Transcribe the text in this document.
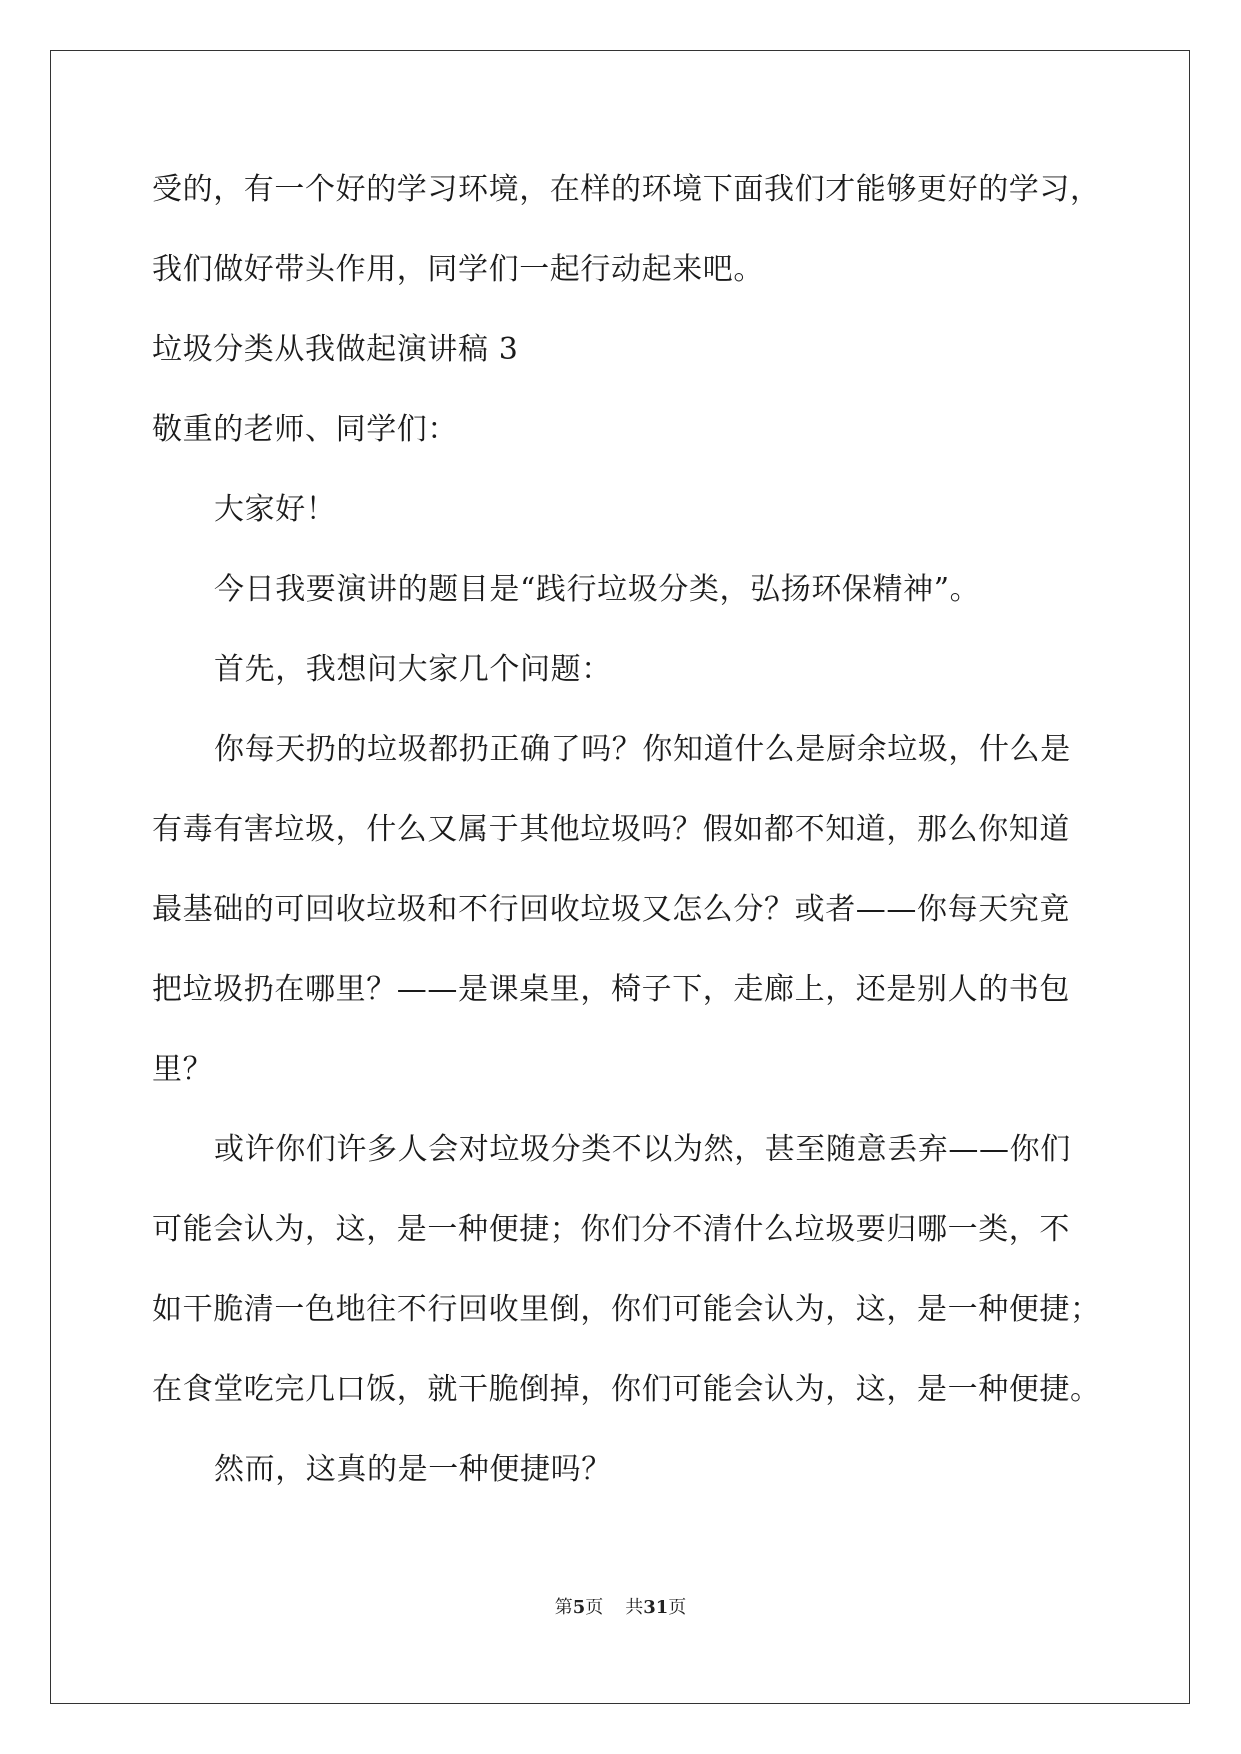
受的，有一个好的学习环境，在样的环境下面我们才能够更好的学习，
我们做好带头作用，同学们一起行动起来吧。
垃圾分类从我做起演讲稿 3
敬重的老师、同学们：
大家好！
今日我要演讲的题目是“践行垃圾分类，弘扬环保精神”。
首先，我想问大家几个问题：
你每天扔的垃圾都扔正确了吗？你知道什么是厨余垃圾，什么是
有毒有害垃圾，什么又属于其他垃圾吗？假如都不知道，那么你知道
最基础的可回收垃圾和不行回收垃圾又怎么分？或者——你每天究竟
把垃圾扔在哪里？——是课桌里，椅子下，走廊上，还是别人的书包
里？
或许你们许多人会对垃圾分类不以为然，甚至随意丢弃——你们
可能会认为，这，是一种便捷；你们分不清什么垃圾要归哪一类，不
如干脆清一色地往不行回收里倒，你们可能会认为，这，是一种便捷；
在食堂吃完几口饭，就干脆倒掉，你们可能会认为，这，是一种便捷。
然而，这真的是一种便捷吗？
第5页 共31页
